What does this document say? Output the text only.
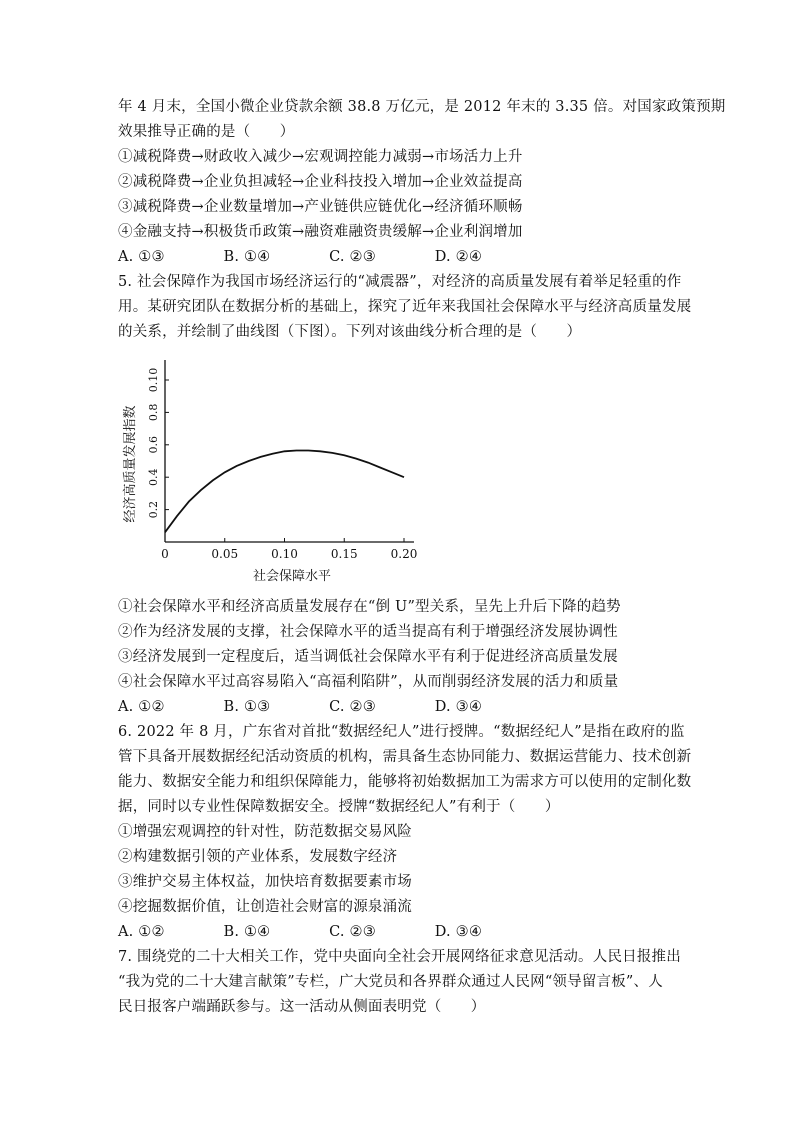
年 4 月末，全国小微企业贷款余额 38.8 万亿元，是 2012 年末的 3.35 倍。对国家政策预期
效果推导正确的是（　　）
①减税降费→财政收入减少→宏观调控能力减弱→市场活力上升
②减税降费→企业负担减轻→企业科技投入增加→企业效益提高
③减税降费→企业数量增加→产业链供应链优化→经济循环顺畅
④金融支持→积极货币政策→融资难融资贵缓解→企业利润增加
A. ①③　　　　B. ①④　　　　C. ②③　　　　D. ②④
5. 社会保障作为我国市场经济运行的“减震器”，对经济的高质量发展有着举足轻重的作
用。某研究团队在数据分析的基础上，探究了近年来我国社会保障水平与经济高质量发展
的关系，并绘制了曲线图（下图）。下列对该曲线分析合理的是（　　）
经济高质量发展指数
社会保障水平
0	0.05	0.10	0.15	0.20
0.2
0.4
0.6
0.8
0.10
①社会保障水平和经济高质量发展存在“倒 U”型关系，呈先上升后下降的趋势
②作为经济发展的支撑，社会保障水平的适当提高有利于增强经济发展协调性
③经济发展到一定程度后，适当调低社会保障水平有利于促进经济高质量发展
④社会保障水平过高容易陷入“高福利陷阱”，从而削弱经济发展的活力和质量
A. ①②　　　　B. ①③　　　　C. ②③　　　　D. ③④
6. 2022 年 8 月，广东省对首批“数据经纪人”进行授牌。“数据经纪人”是指在政府的监
管下具备开展数据经纪活动资质的机构，需具备生态协同能力、数据运营能力、技术创新
能力、数据安全能力和组织保障能力，能够将初始数据加工为需求方可以使用的定制化数
据，同时以专业性保障数据安全。授牌“数据经纪人”有利于（　　）
①增强宏观调控的针对性，防范数据交易风险
②构建数据引领的产业体系，发展数字经济
③维护交易主体权益，加快培育数据要素市场
④挖掘数据价值，让创造社会财富的源泉涌流
A. ①②　　　　B. ①④　　　　C. ②③　　　　D. ③④
7. 围绕党的二十大相关工作，党中央面向全社会开展网络征求意见活动。人民日报推出
“我为党的二十大建言献策”专栏，广大党员和各界群众通过人民网“领导留言板”、人
民日报客户端踊跃参与。这一活动从侧面表明党（　　）
